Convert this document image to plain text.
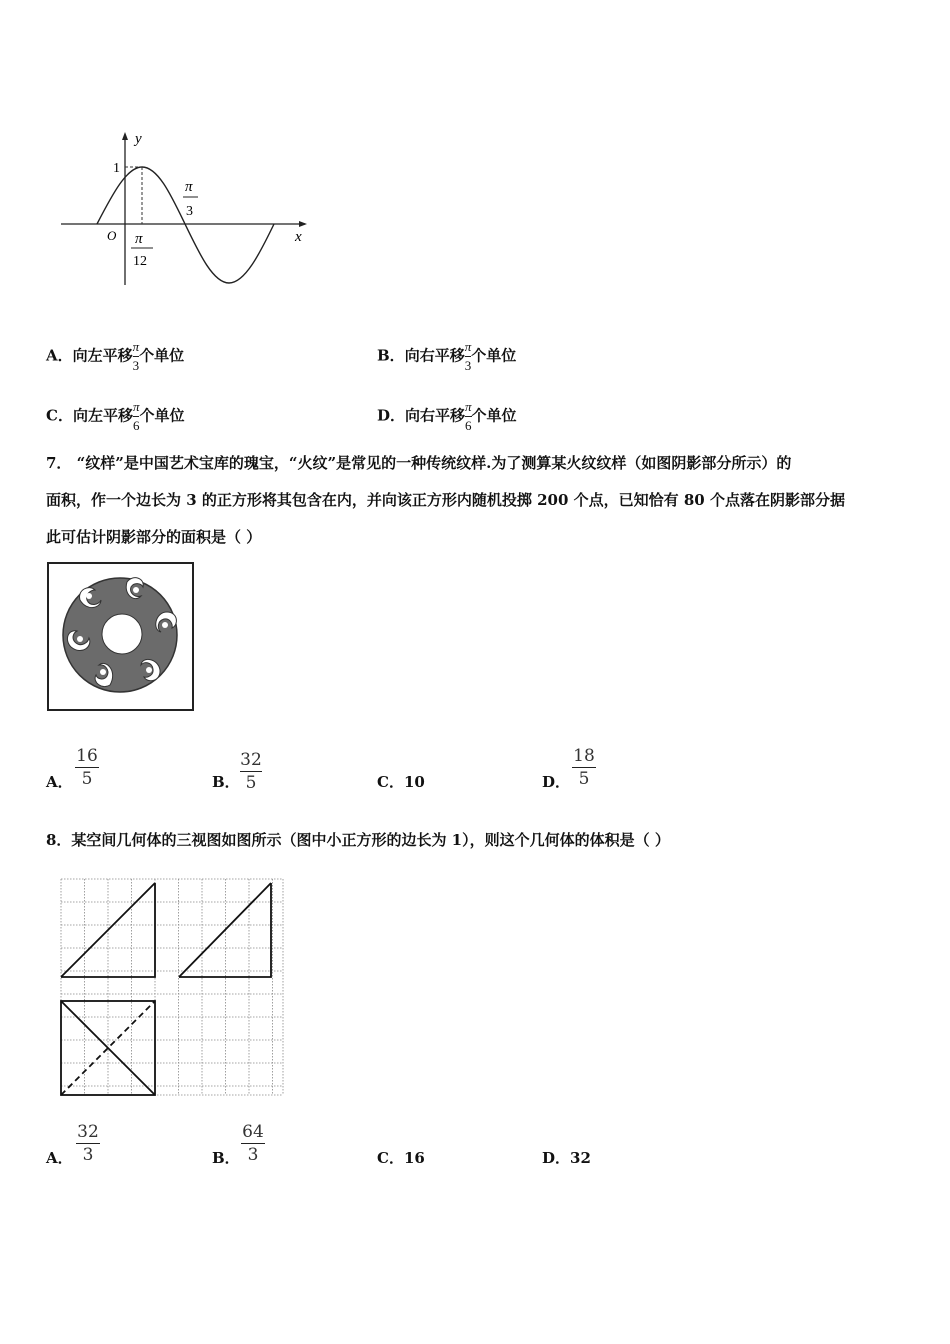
y
x
O
1
π
3
π
12
A．向左平移 $\frac{\pi}{3}$ 个单位	B．向右平移 $\frac{\pi}{3}$ 个单位
C．向左平移 $\frac{\pi}{6}$ 个单位	D．向右平移 $\frac{\pi}{6}$ 个单位
7． “纹样”是中国艺术宝库的瑰宝，“火纹”是常见的一种传统纹样.为了测算某火纹纹样（如图阴影部分所示）的
面积，作一个边长为 3 的正方形将其包含在内，并向该正方形内随机投掷 200 个点，已知恰有 80 个点落在阴影部分据
此可估计阴影部分的面积是（ ）
A．
16
5	B．
32
5	C．10	D．
18
5
8．某空间几何体的三视图如图所示（图中小正方形的边长为 1），则这个几何体的体积是（ ）
A．
32
3	B．
64
3	C．16	D．32
